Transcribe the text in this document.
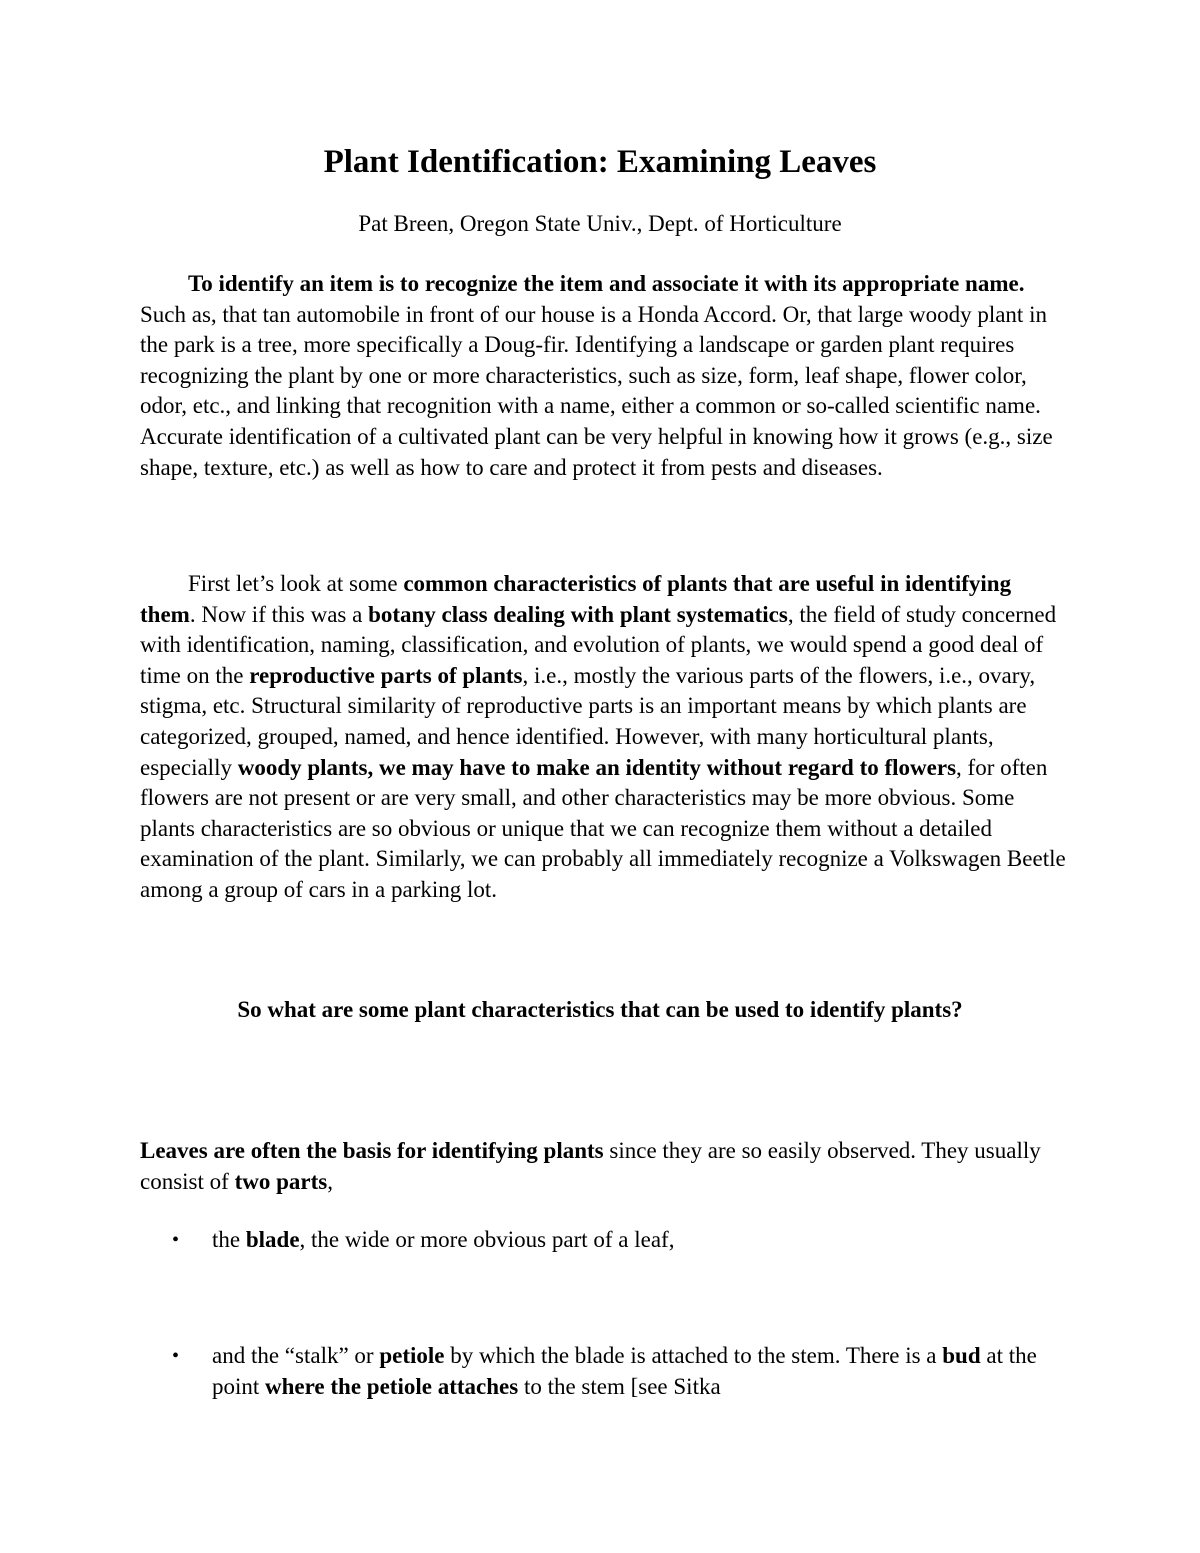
Plant Identification: Examining Leaves

Pat Breen, Oregon State Univ., Dept. of Horticulture

To identify an item is to recognize the item and associate it with its appropriate name. Such as, that tan automobile in front of our house is a Honda Accord. Or, that large woody plant in the park is a tree, more specifically a Doug-fir. Identifying a landscape or garden plant requires recognizing the plant by one or more characteristics, such as size, form, leaf shape, flower color, odor, etc., and linking that recognition with a name, either a common or so-called scientific name. Accurate identification of a cultivated plant can be very helpful in knowing how it grows (e.g., size shape, texture, etc.) as well as how to care and protect it from pests and diseases.

First let’s look at some common characteristics of plants that are useful in identifying them. Now if this was a botany class dealing with plant systematics, the field of study concerned with identification, naming, classification, and evolution of plants, we would spend a good deal of time on the reproductive parts of plants, i.e., mostly the various parts of the flowers, i.e., ovary, stigma, etc. Structural similarity of reproductive parts is an important means by which plants are categorized, grouped, named, and hence identified. However, with many horticultural plants, especially woody plants, we may have to make an identity without regard to flowers, for often flowers are not present or are very small, and other characteristics may be more obvious. Some plants characteristics are so obvious or unique that we can recognize them without a detailed examination of the plant. Similarly, we can probably all immediately recognize a Volkswagen Beetle among a group of cars in a parking lot.

So what are some plant characteristics that can be used to identify plants?

Leaves are often the basis for identifying plants since they are so easily observed. They usually consist of two parts,

•	the blade, the wide or more obvious part of a leaf,
•	and the “stalk” or petiole by which the blade is attached to the stem. There is a bud at the point where the petiole attaches to the stem [see Sitka
